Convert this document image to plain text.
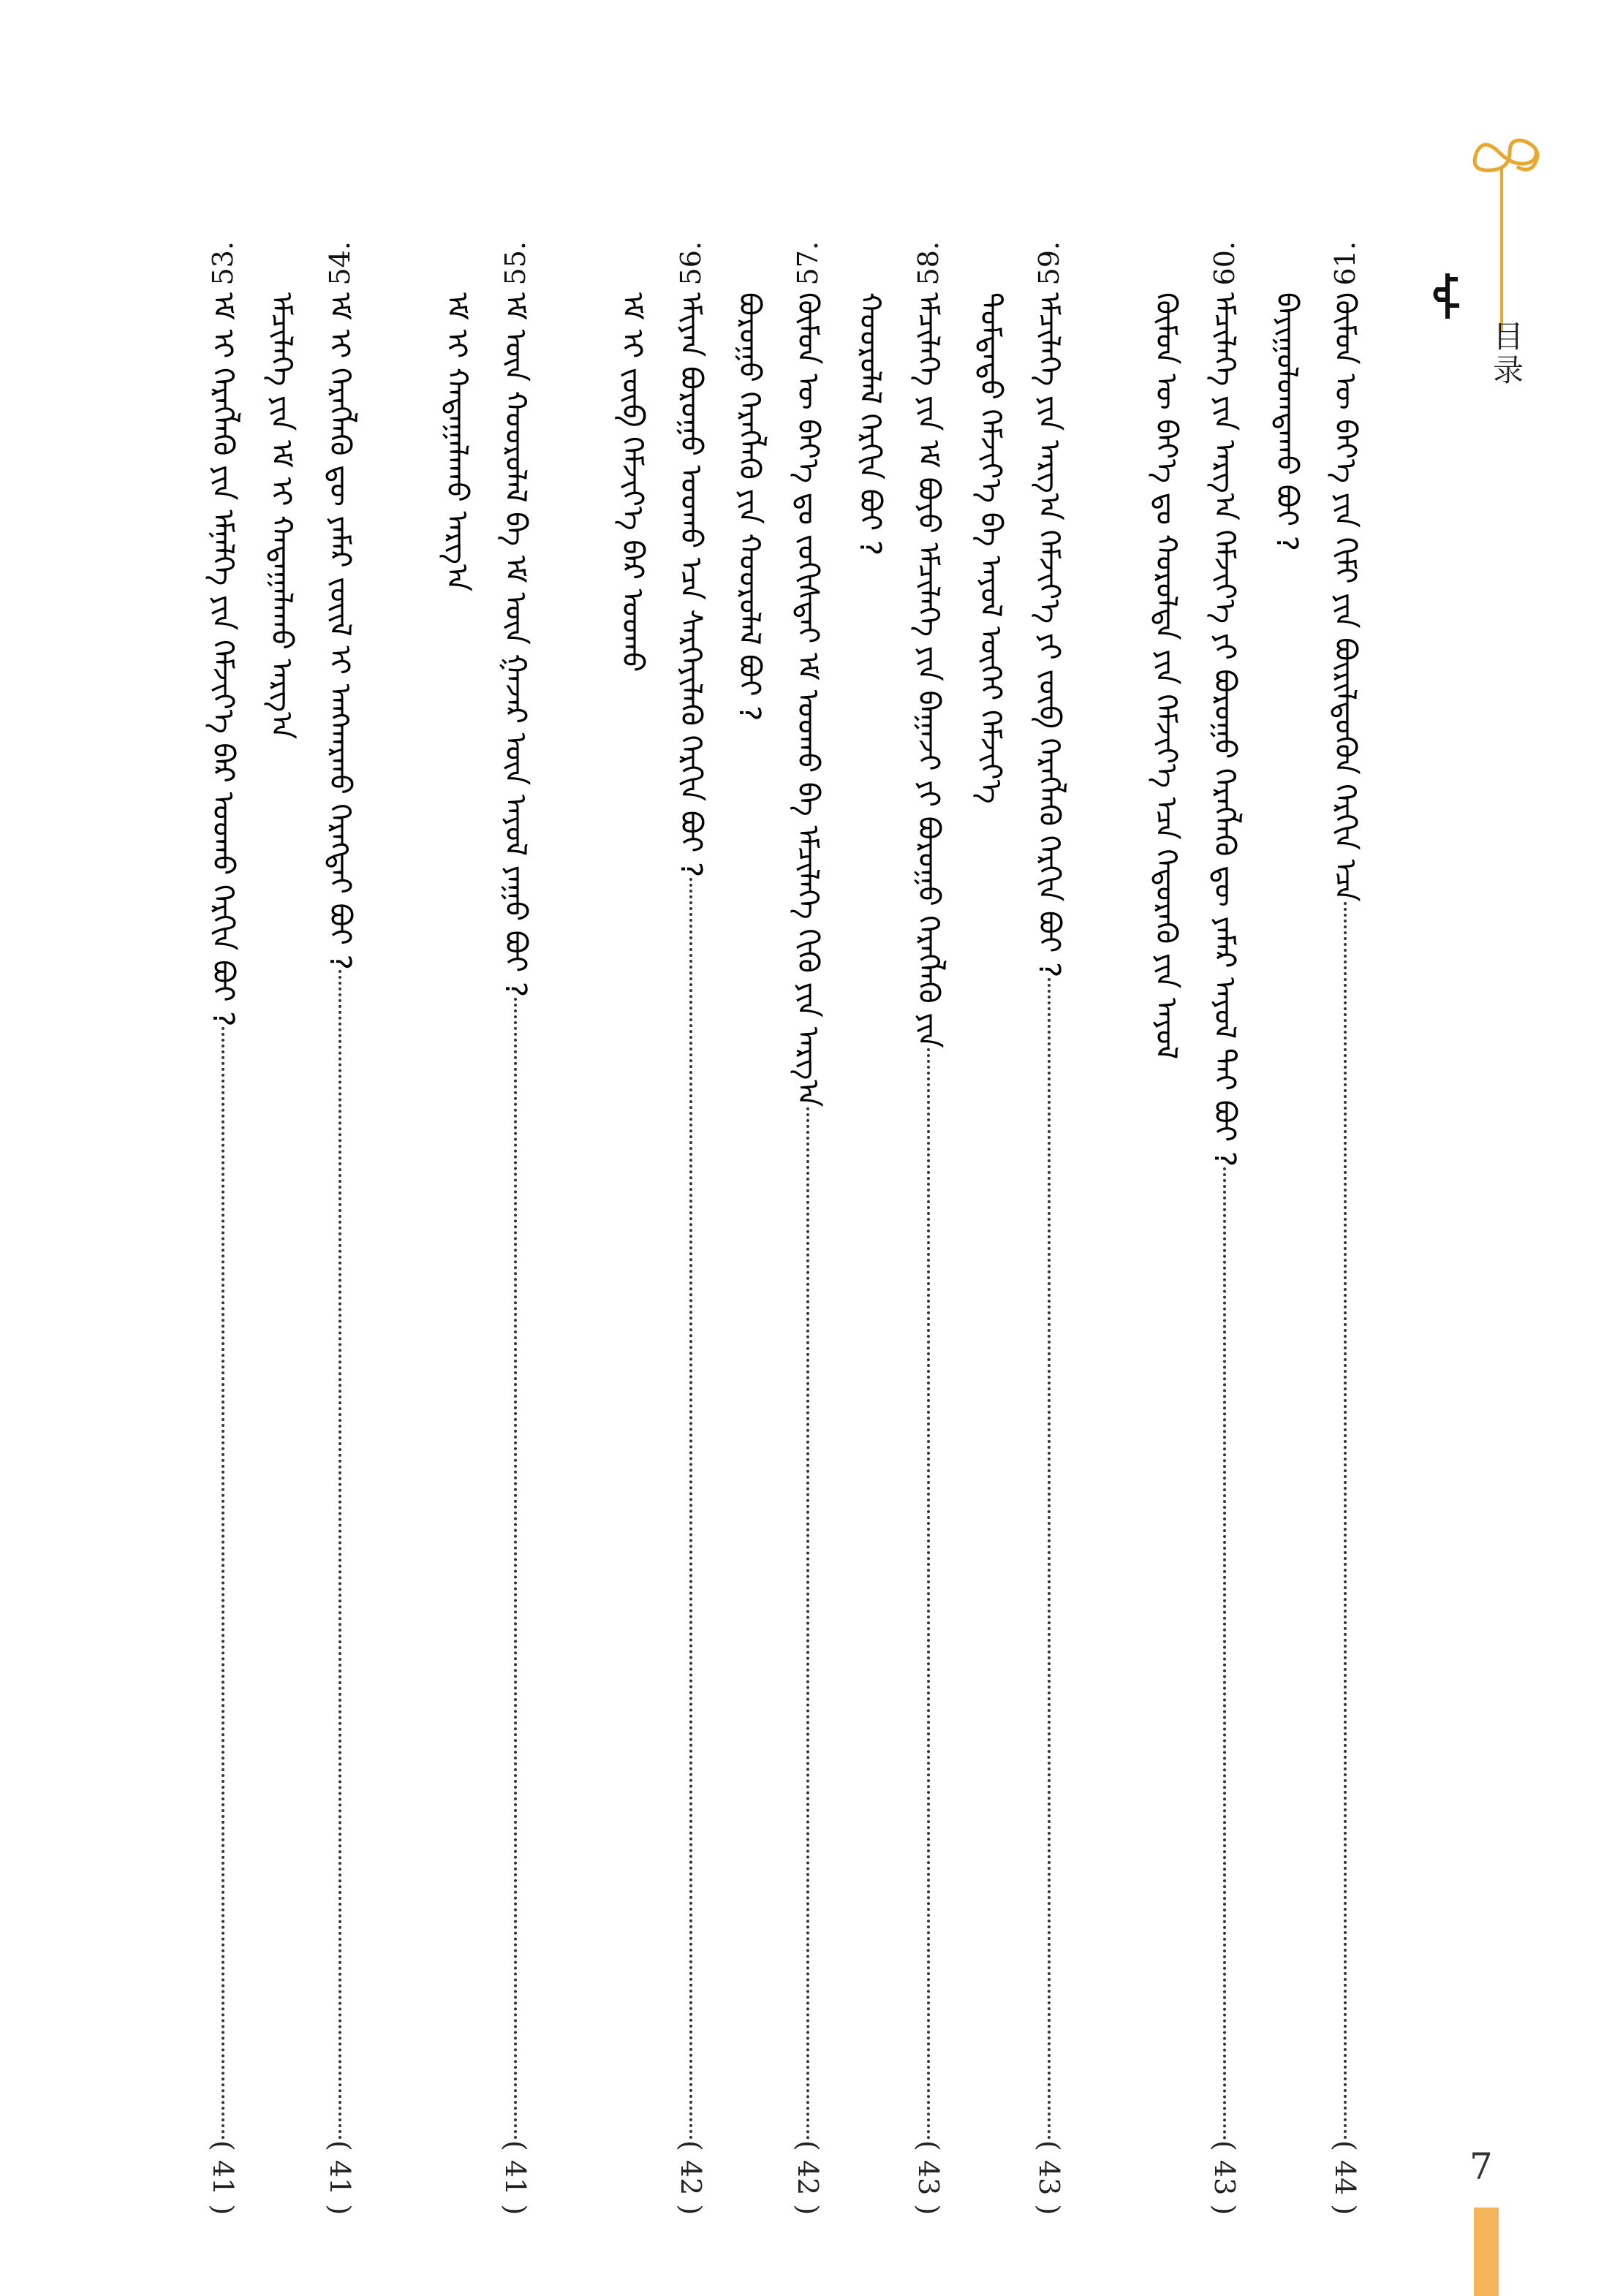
目录
61.
ᠬᠦᠮᠦᠨ ᠦ ᠪᠡᠶ᠎ᠡ ᠶᠢᠨ ᠬᠢᠮᠢ ᠶᠢᠨ ᠪᠦᠷᠢᠯᠳᠦᠬᠦᠨ ᠬᠡᠷᠬᠢᠨ ᠡᠴᠡ
( 44 )
ᠪᠠᠶᠢᠭᠤᠯᠤᠭᠳᠠᠬᠤ ᠪᠤᠢ ?
60.
ᠡᠮᠴᠢᠯᠡᠭᠡ ᠶᠢᠨ ᠠᠷᠭ᠎ᠠ ᠬᠡᠮᠵᠢᠶ᠎ᠡ ᠶᠢ ᠪᠤᠷᠤᠭᠤ ᠬᠡᠷᠡᠭᠯᠡᠬᠦ ᠳᠦ ᠶᠠᠮᠠᠷ ᠠᠶᠤᠯ ᠲᠠᠢ ᠪᠤᠢ ?
( 43 )
ᠬᠦᠮᠦᠨ ᠦ ᠪᠡᠶ᠎ᠡ ᠳᠤ ᠬᠤᠷᠤᠯᠲᠠ ᠶᠢᠨ ᠬᠡᠮᠵᠢᠶ᠎ᠡ ᠡᠴᠡ ᠬᠡᠲᠦᠷᠡᠬᠦ ᠶᠢᠨ ᠠᠶᠤᠯ
59.
ᠡᠮᠴᠢᠯᠡᠭᠡ ᠶᠢᠨ ᠠᠷᠭ᠎ᠠ ᠬᠡᠮᠵᠢᠶ᠎ᠡ ᠶᠢ ᠵᠥᠪ ᠬᠡᠷᠡᠭᠯᠡᠬᠦ ᠬᠡᠷᠬᠢᠨ ᠪᠤᠢ ?
( 43 )
ᠳᠤᠮᠳᠠᠳᠤ ᠬᠡᠮᠵᠢᠶ᠎ᠡ ᠪᠠ ᠠᠶᠤᠯ ᠦᠭᠡᠢ ᠬᠡᠮᠵᠢᠶ᠎ᠡ
58.
ᠡᠮᠴᠢᠯᠡᠭᠡ ᠶᠢᠨ ᠡᠮ ᠪᠤᠶᠤ ᠡᠮᠴᠢᠯᠡᠭᠡ ᠶᠢᠨ ᠪᠠᠭᠠᠵᠢ ᠶᠢ ᠪᠤᠷᠤᠭᠤ ᠬᠡᠷᠡᠭᠯᠡᠬᠦ ᠶᠢᠨ
( 43 )
ᠬᠣᠣᠷᠤᠯᠠᠯ ᠬᠡᠷᠬᠢᠨ ᠪᠤᠢ ?
57.
ᠬᠦᠮᠦᠨ ᠦ ᠪᠡᠶ᠎ᠡ ᠳᠤ ᠵᠣᠬᠢᠰᠲᠠᠢ ᠡᠮ ᠤᠤᠬᠤ ᠪᠠ ᠡᠮᠴᠢᠯᠡᠭᠡ ᠬᠢᠬᠦ ᠶᠢᠨ ᠠᠷᠭ᠎ᠠ
( 42 )
ᠪᠤᠷᠤᠭᠤ ᠬᠡᠷᠡᠭᠯᠡᠬᠦ ᠶᠢᠨ ᠬᠣᠣᠷᠤᠯᠠᠯ ᠪᠤᠢ ?
56.
ᠡᠮᠢᠶᠡᠨ ᠪᠤᠷᠤᠭᠤ ᠤᠤᠬᠤ ᠡᠴᠡ ᠰᠡᠷᠭᠡᠶᠢᠯᠡᠬᠦ ᠬᠡᠷᠬᠢᠨ ᠪᠤᠢ ?
( 42 )
ᠡᠮ ᠢ ᠵᠥᠪ ᠬᠡᠮᠵᠢᠶ᠎ᠡ ᠪᠡᠷ ᠤᠤᠬᠤ
55.
ᠡᠮ ᠦᠨ ᠬᠣᠣᠷᠤᠯᠠᠯ ᠪᠠ ᠡᠮ ᠦᠨ ᠭᠠᠵᠠᠷ ᠦᠨ ᠠᠶᠤᠯ ᠶᠠᠭᠤ ᠪᠤᠢ ?
( 41 )
ᠡᠮ ᠢ ᠬᠠᠳᠠᠭᠠᠯᠠᠬᠤ ᠠᠷᠭ᠎ᠠ
54.
ᠡᠮ ᠢ ᠬᠡᠷᠡᠭᠯᠡᠬᠦ ᠳᠦ ᠶᠠᠮᠠᠷ ᠵᠦᠢᠯ ᠢ ᠠᠩᠬᠠᠷᠬᠤ ᠬᠡᠷᠡᠭᠲᠡᠢ ᠪᠤᠢ ?
( 41 )
ᠡᠮᠴᠢᠯᠡᠭᠡ ᠶᠢᠨ ᠡᠮ ᠢ ᠬᠠᠳᠠᠭᠠᠯᠠᠬᠤ ᠠᠷᠭ᠎ᠠ
53.
ᠡᠮ ᠢ ᠬᠡᠷᠡᠭᠯᠡᠬᠦ ᠶᠢᠨ ᠡᠮᠨᠡᠯᠭᠡ ᠶᠢᠨ ᠬᠡᠮᠵᠢᠶ᠎ᠡ ᠪᠡᠷ ᠤᠤᠬᠤ ᠬᠡᠷᠬᠢᠨ ᠪᠤᠢ ?
( 41 )	7
